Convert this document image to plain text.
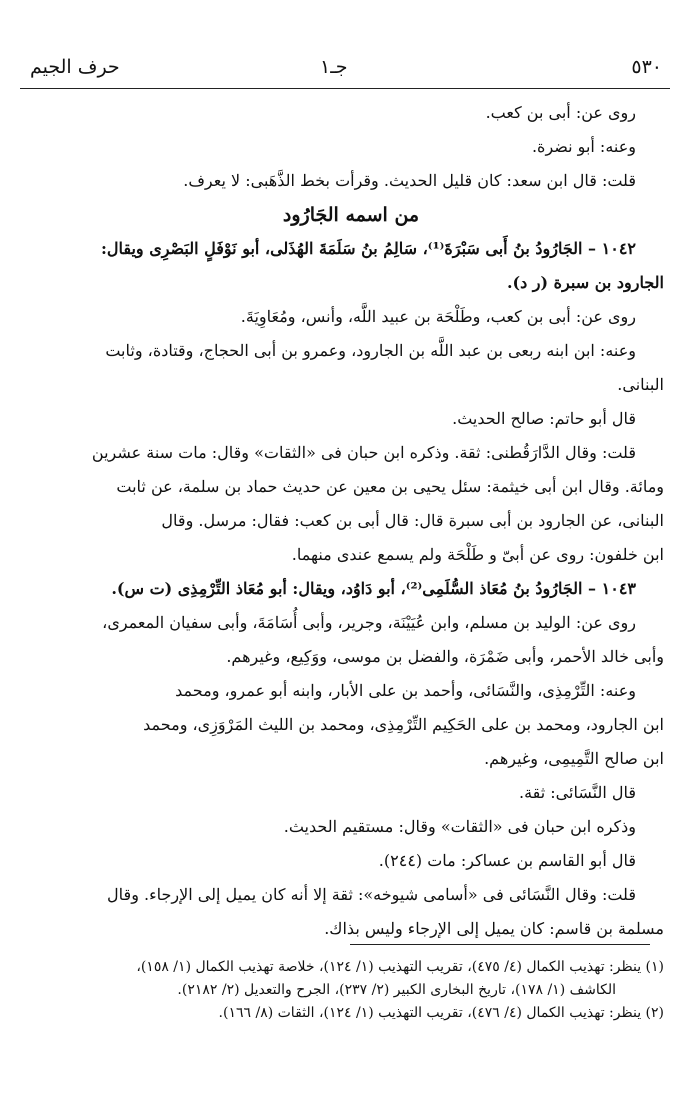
٥٣٠
جـ١
حرف الجيم

روى عن: أبى بن كعب.

وعنه: أبو نضرة.

قلت: قال ابن سعد: كان قليل الحديث. وقرأت بخط الذَّهَبى: لا يعرف.

من اسمه الجَارُود

١٠٤٢ – الجَارُودُ بنُ أَبى سَبْرَةَ⁽¹⁾، سَالِمُ بنُ سَلَمَةَ الهُذَلى، أبو نَوْفَلٍ البَصْرِى ويقال:

الجارود بن سبرة (ر د).

روى عن: أبى بن كعب، وطَلْحَة بن عبيد اللَّه، وأنس، ومُعَاوِيَةَ.

وعنه: ابن ابنه ربعى بن عبد اللَّه بن الجارود، وعمرو بن أبى الحجاج، وقتادة، وثابت

البنانى.

قال أبو حاتم: صالح الحديث.

قلت: وقال الدَّارَقُطنى: ثقة. وذكره ابن حبان فى «الثقات» وقال: مات سنة عشرين

ومائة. وقال ابن أبى خيثمة: سئل يحيى بن معين عن حديث حماد بن سلمة، عن ثابت

البنانى، عن الجارود بن أبى سبرة قال: قال أبى بن كعب: فقال: مرسل. وقال

ابن خلفون: روى عن أبىّ و طَلْحَة ولم يسمع عندى منهما.

١٠٤٣ – الجَارُودُ بنُ مُعَاذ السُّلَمِى⁽²⁾، أبو دَاوُد، ويقال: أبو مُعَاذ التِّرْمِذِى (ت س).

روى عن: الوليد بن مسلم، وابن عُيَيْنَة، وجرير، وأبى أُسَامَةَ، وأبى سفيان المعمرى،

وأبى خالد الأحمر، وأبى ضَمْرَة، والفضل بن موسى، ووَكِيع، وغيرهم.

وعنه: التِّرْمِذِى، والنَّسَائى، وأحمد بن على الأبار، وابنه أبو عمرو، ومحمد

ابن الجارود، ومحمد بن على الحَكِيم التِّرْمِذِى، ومحمد بن الليث المَرْوَزِى، ومحمد

ابن صالح التَّمِيمِى، وغيرهم.

قال النَّسَائى: ثقة.

وذكره ابن حبان فى «الثقات» وقال: مستقيم الحديث.

قال أبو القاسم بن عساكر: مات (٢٤٤).

قلت: وقال النَّسَائى فى «أسامى شيوخه»: ثقة إلا أنه كان يميل إلى الإرجاء. وقال

مسلمة بن قاسم: كان يميل إلى الإرجاء وليس بذاك.

(١) ينظر: تهذيب الكمال (٤/ ٤٧٥)، تقريب التهذيب (١/ ١٢٤)، خلاصة تهذيب الكمال (١/ ١٥٨)،

الكاشف (١/ ١٧٨)، تاريخ البخارى الكبير (٢/ ٢٣٧)، الجرح والتعديل (٢/ ٢١٨٢).

(٢) ينظر: تهذيب الكمال (٤/ ٤٧٦)، تقريب التهذيب (١/ ١٢٤)، الثقات (٨/ ١٦٦).
